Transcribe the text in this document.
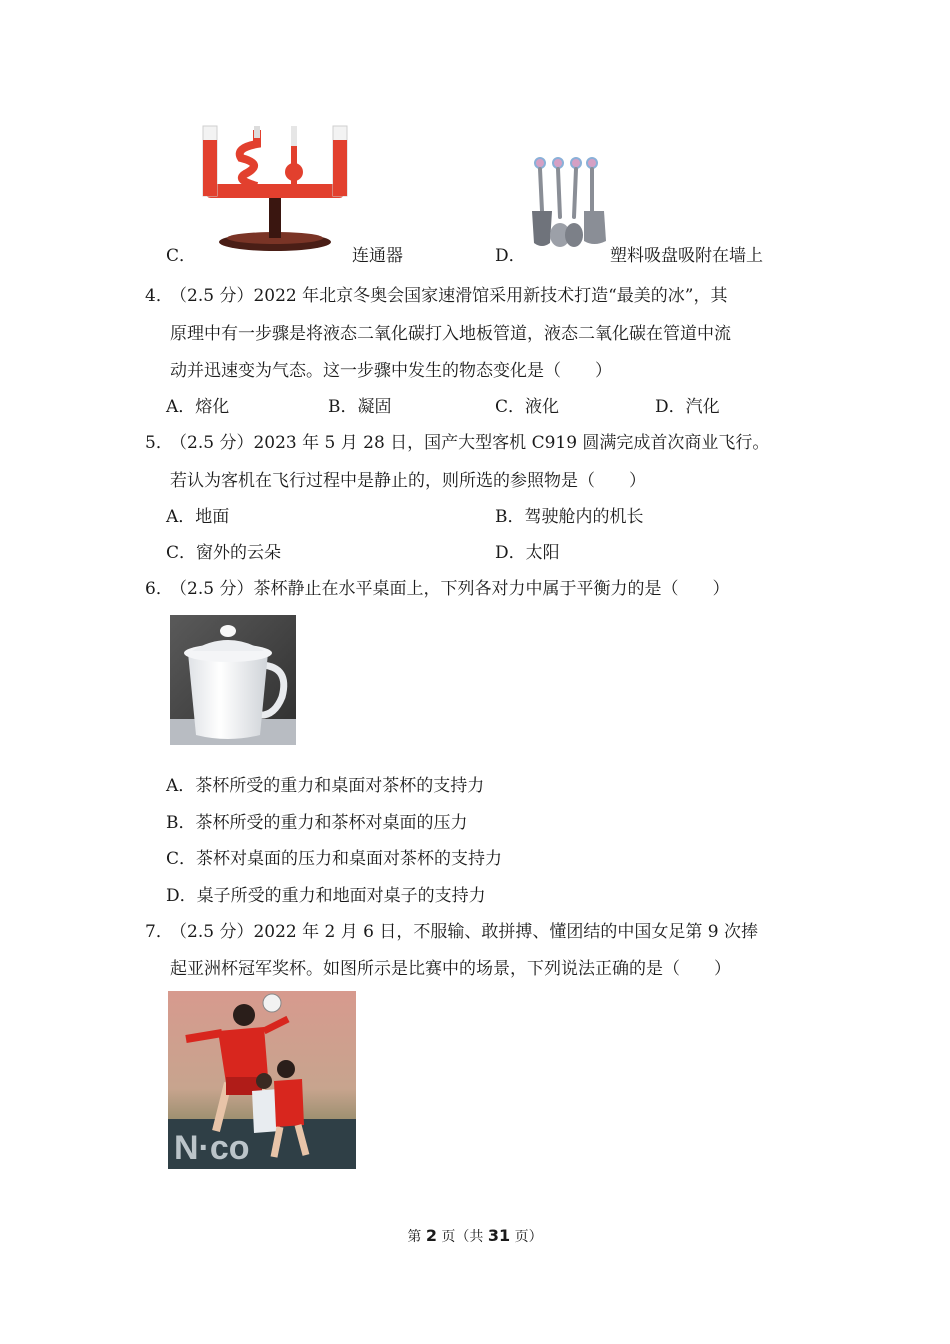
C．	连通器	D．	塑料吸盘吸附在墙上
4．
（2.5 分）2022 年北京冬奥会国家速滑馆采用新技术打造“最美的冰”，其
原理中有一步骤是将液态二氧化碳打入地板管道，液态二氧化碳在管道中流
动并迅速变为气态。这一步骤中发生的物态变化是（　　）
A．熔化	B．凝固	C．液化	D．汽化
5．
（2.5 分）2023 年 5 月 28 日，国产大型客机 C919 圆满完成首次商业飞行。
若认为客机在飞行过程中是静止的，则所选的参照物是（　　）
A．地面	B．驾驶舱内的机长
C．窗外的云朵	D．太阳
6．
（2.5 分）茶杯静止在水平桌面上，下列各对力中属于平衡力的是（　　）
A．茶杯所受的重力和桌面对茶杯的支持力
B．茶杯所受的重力和茶杯对桌面的压力
C．茶杯对桌面的压力和桌面对茶杯的支持力
D．桌子所受的重力和地面对桌子的支持力
7．
（2.5 分）2022 年 2 月 6 日，不服输、敢拼搏、懂团结的中国女足第 9 次捧
起亚洲杯冠军奖杯。如图所示是比赛中的场景，下列说法正确的是（　　）
N​·​co
第 2 页（共 31 页）
